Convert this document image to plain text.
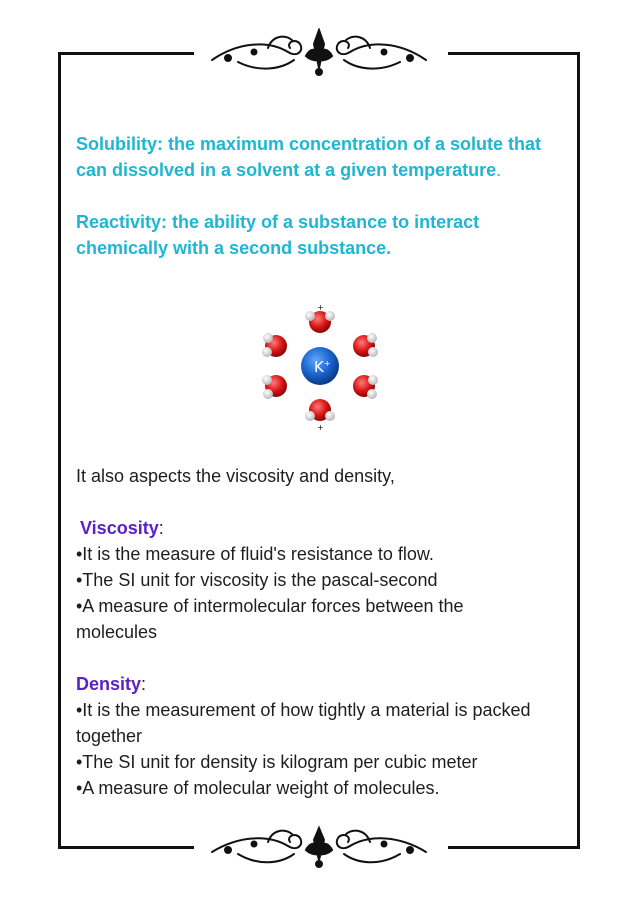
Solubility: the maximum concentration of a solute that can dissolved in a solvent at a given temperature.

Reactivity: the ability of a substance to interact chemically with a second substance.

+
+
K+
It also aspects the viscosity and density,
Viscosity:
•It is the measure of fluid's resistance to flow.
•The SI unit for viscosity is the pascal-second
•A measure of intermolecular forces between the molecules
Density:
•It is the measurement of how tightly a material is packed together
•The SI unit for density is kilogram per cubic meter
•A measure of molecular weight of molecules.
